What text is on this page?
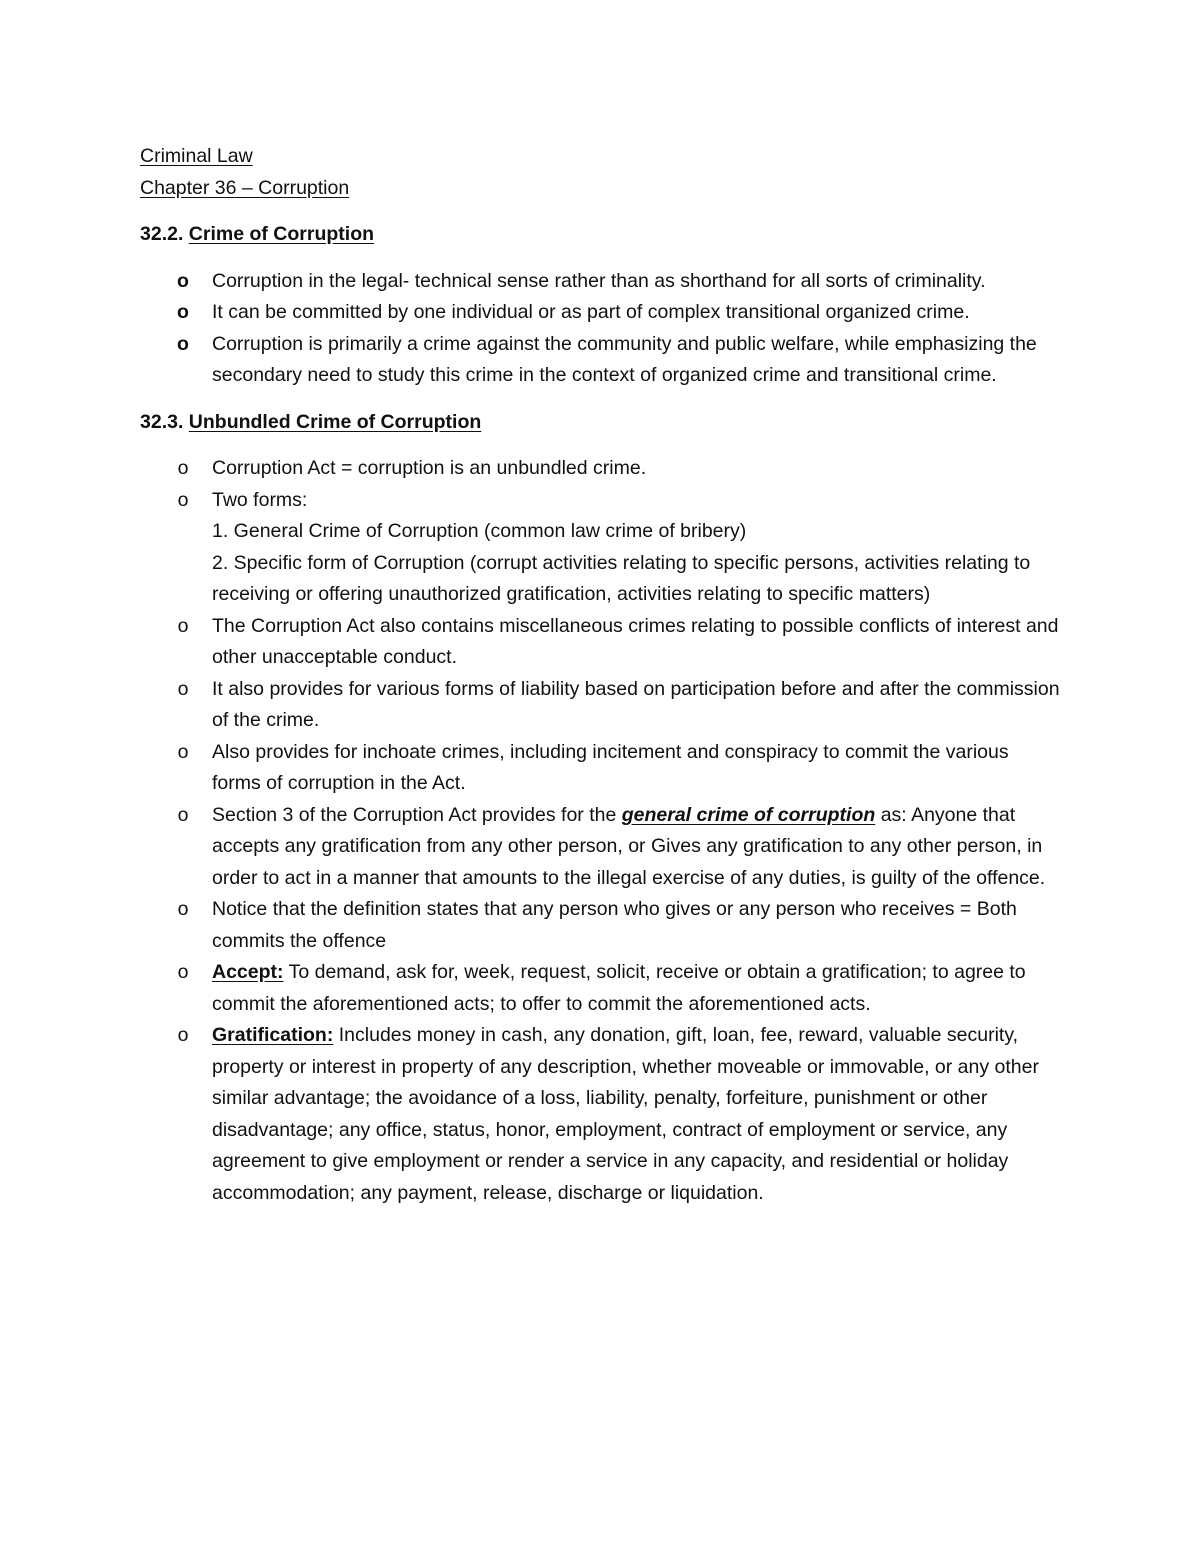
Criminal Law
Chapter 36 – Corruption
32.2. Crime of Corruption
o Corruption in the legal- technical sense rather than as shorthand for all sorts of criminality.
o It can be committed by one individual or as part of complex transitional organized crime.
o Corruption is primarily a crime against the community and public welfare, while emphasizing the secondary need to study this crime in the context of organized crime and transitional crime.
32.3. Unbundled Crime of Corruption
o Corruption Act = corruption is an unbundled crime.
o Two forms:
1. General Crime of Corruption (common law crime of bribery)
2. Specific form of Corruption (corrupt activities relating to specific persons, activities relating to receiving or offering unauthorized gratification, activities relating to specific matters)
o The Corruption Act also contains miscellaneous crimes relating to possible conflicts of interest and other unacceptable conduct.
o It also provides for various forms of liability based on participation before and after the commission of the crime.
o Also provides for inchoate crimes, including incitement and conspiracy to commit the various forms of corruption in the Act.
o Section 3 of the Corruption Act provides for the general crime of corruption as: Anyone that accepts any gratification from any other person, or Gives any gratification to any other person, in order to act in a manner that amounts to the illegal exercise of any duties, is guilty of the offence.
o Notice that the definition states that any person who gives or any person who receives = Both commits the offence
o Accept: To demand, ask for, week, request, solicit, receive or obtain a gratification; to agree to commit the aforementioned acts; to offer to commit the aforementioned acts.
o Gratification: Includes money in cash, any donation, gift, loan, fee, reward, valuable security, property or interest in property of any description, whether moveable or immovable, or any other similar advantage; the avoidance of a loss, liability, penalty, forfeiture, punishment or other disadvantage; any office, status, honor, employment, contract of employment or service, any agreement to give employment or render a service in any capacity, and residential or holiday accommodation; any payment, release, discharge or liquidation.
